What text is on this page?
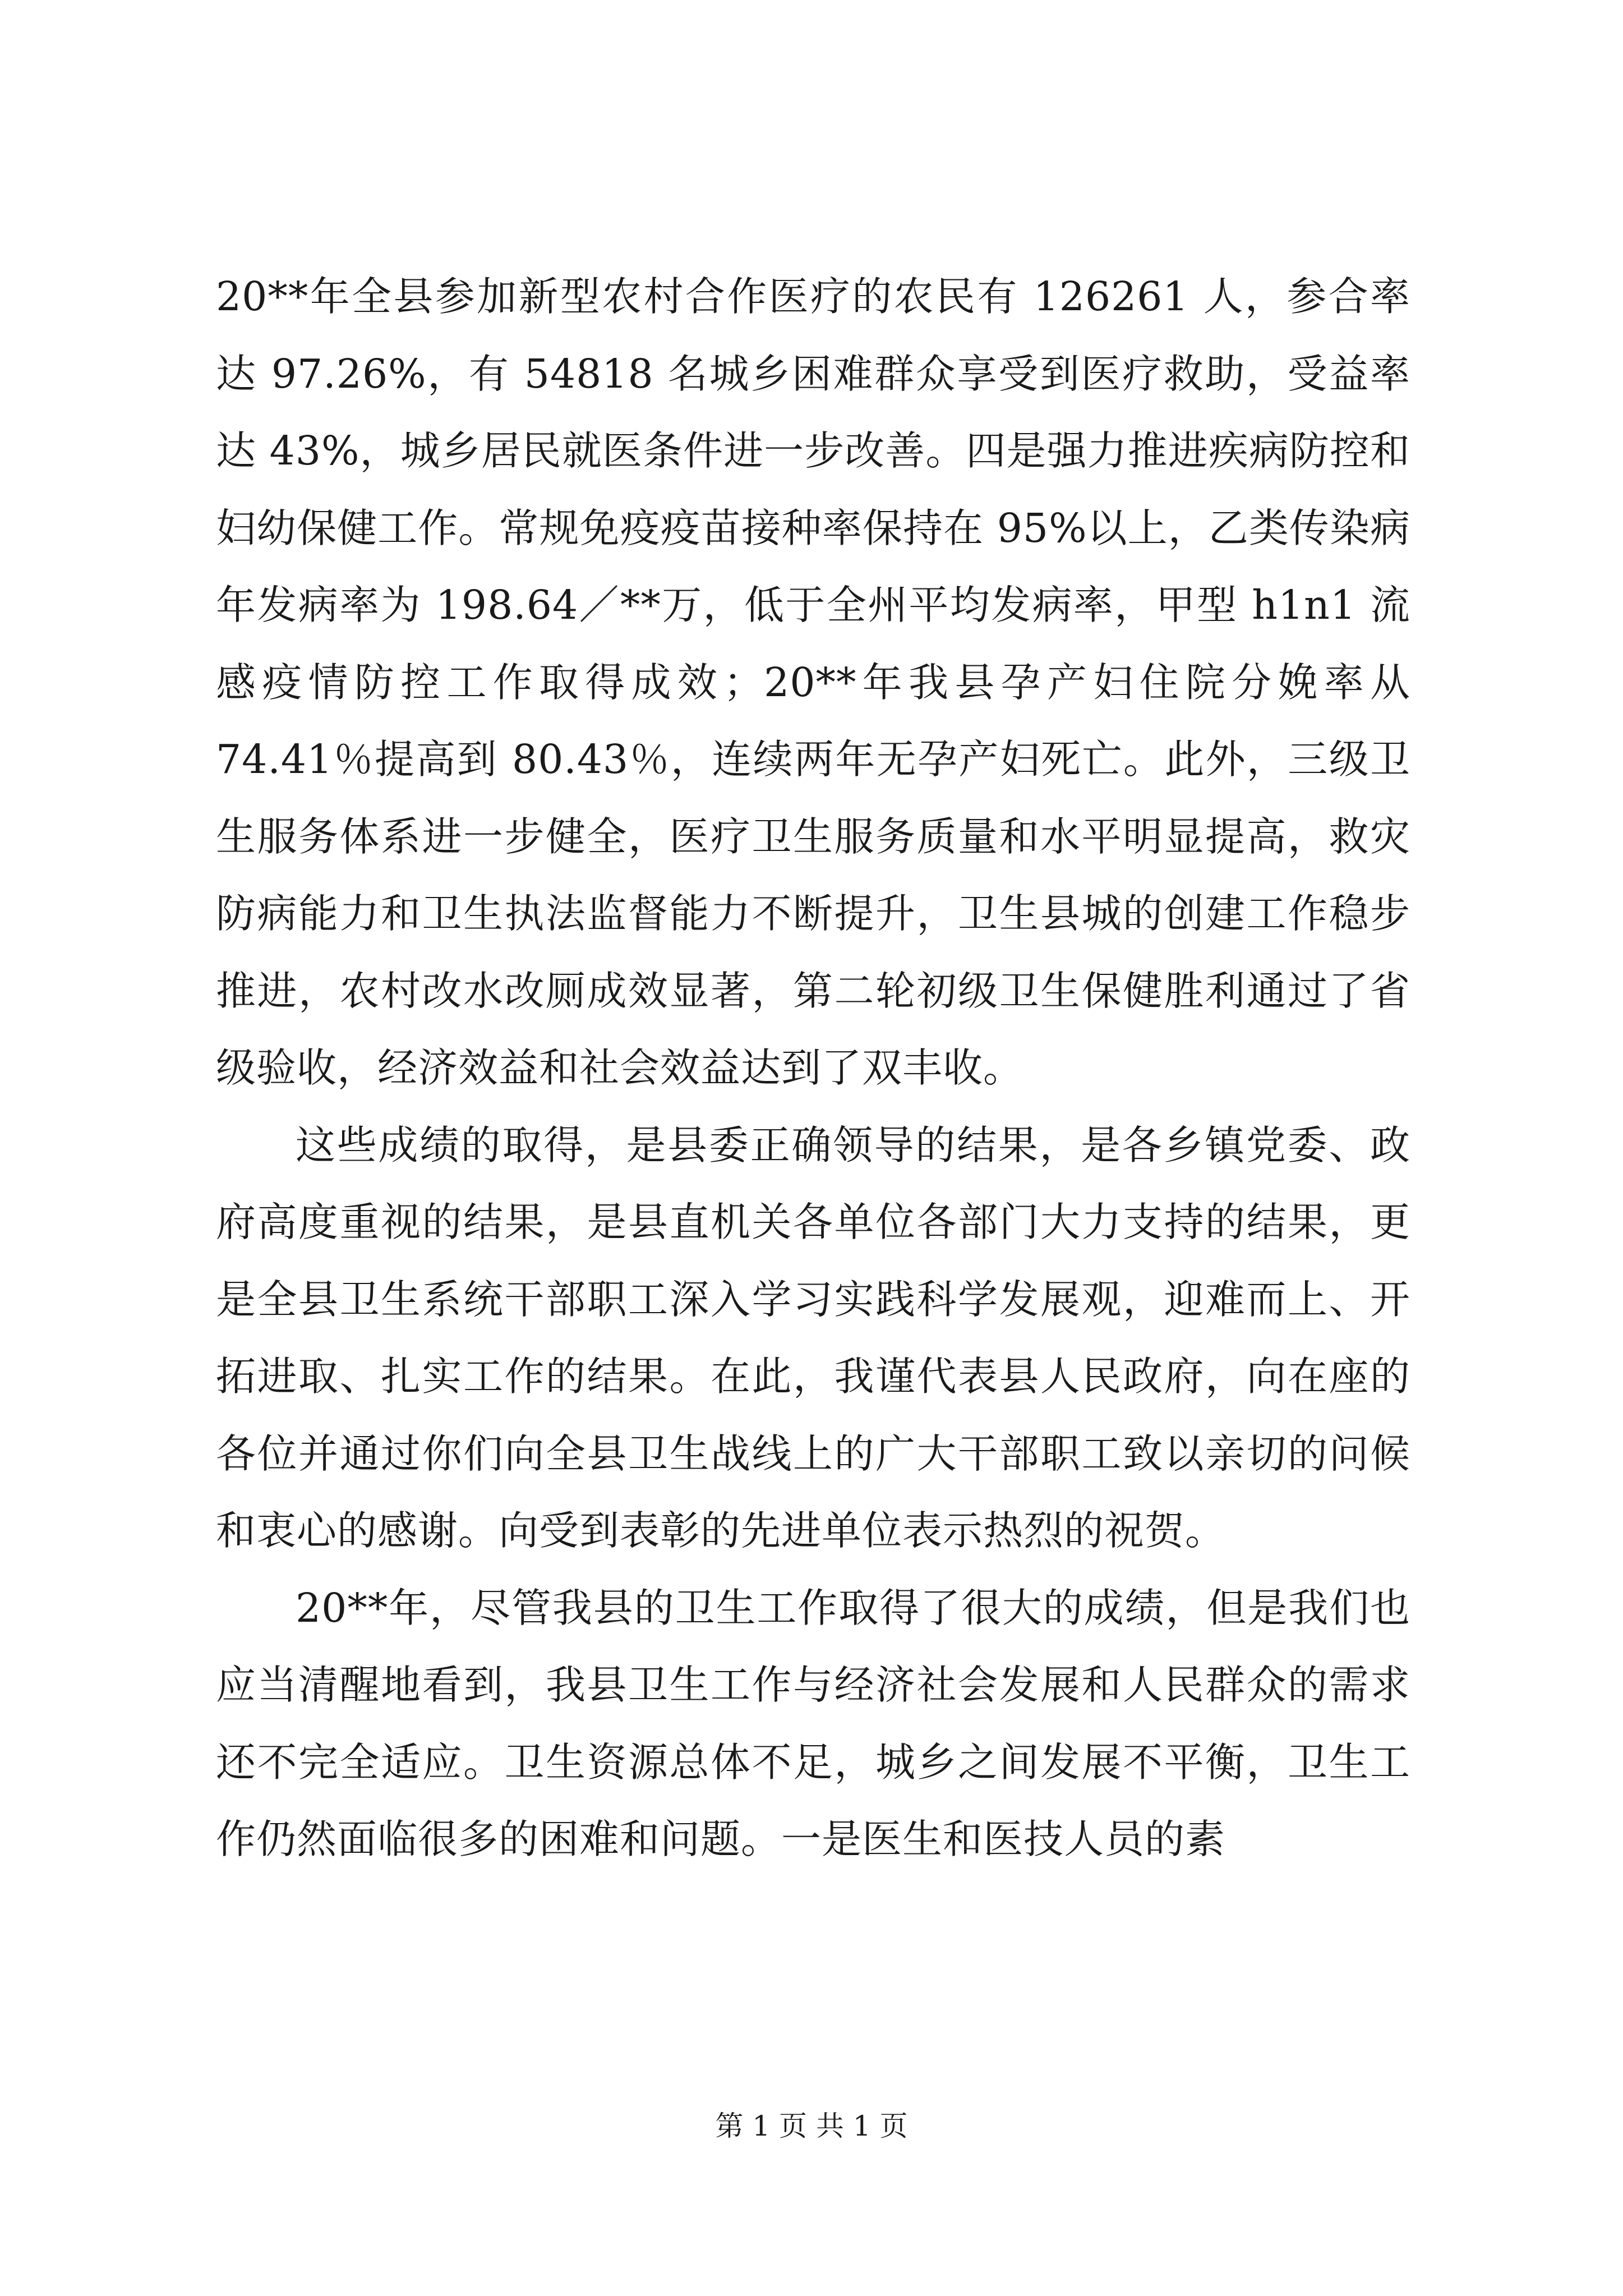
20**年全县参加新型农村合作医疗的农民有 126261 人，参合率达 97.26%，有 54818 名城乡困难群众享受到医疗救助，受益率达 43%，城乡居民就医条件进一步改善。四是强力推进疾病防控和妇幼保健工作。常规免疫疫苗接种率保持在 95%以上，乙类传染病年发病率为 198.64／**万，低于全州平均发病率，甲型 h1n1 流感疫情防控工作取得成效；20**年我县孕产妇住院分娩率从 74.41％提高到 80.43％，连续两年无孕产妇死亡。此外，三级卫生服务体系进一步健全，医疗卫生服务质量和水平明显提高，救灾防病能力和卫生执法监督能力不断提升，卫生县城的创建工作稳步推进，农村改水改厕成效显著，第二轮初级卫生保健胜利通过了省级验收，经济效益和社会效益达到了双丰收。

这些成绩的取得，是县委正确领导的结果，是各乡镇党委、政府高度重视的结果，是县直机关各单位各部门大力支持的结果，更是全县卫生系统干部职工深入学习实践科学发展观，迎难而上、开拓进取、扎实工作的结果。在此，我谨代表县人民政府，向在座的各位并通过你们向全县卫生战线上的广大干部职工致以亲切的问候和衷心的感谢。向受到表彰的先进单位表示热烈的祝贺。

20**年，尽管我县的卫生工作取得了很大的成绩，但是我们也应当清醒地看到，我县卫生工作与经济社会发展和人民群众的需求还不完全适应。卫生资源总体不足，城乡之间发展不平衡，卫生工作仍然面临很多的困难和问题。一是医生和医技人员的素

第 1 页 共 1 页
